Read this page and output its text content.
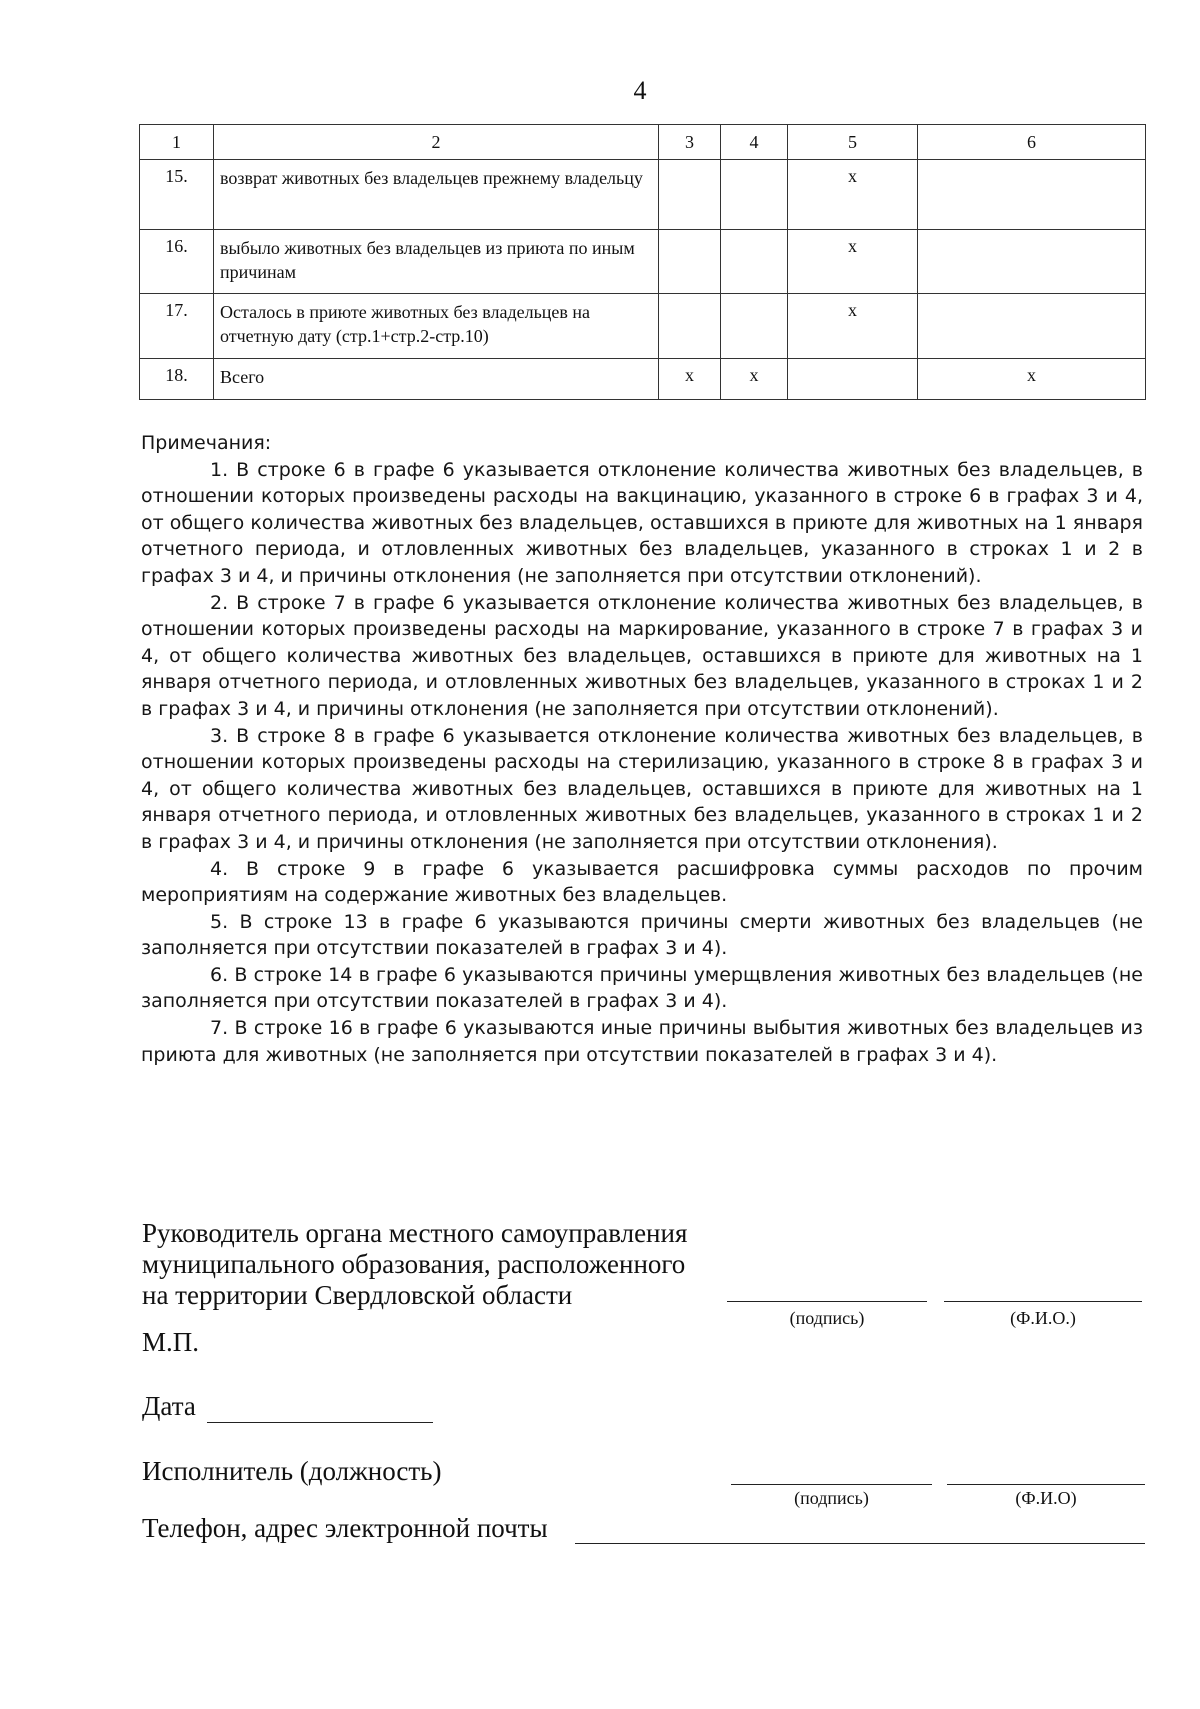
4
1	2	3	4	5	6
15.	возврат животных без владельцев прежнему владельцу			х	
16.	выбыло животных без владельцев из приюта по иным причинам			х	
17.	Осталось в приюте животных без владельцев на отчетную дату (стр.1+стр.2-стр.10)			х	
18.	Всего	х	х		х

Примечания:

1. В строке 6 в графе 6 указывается отклонение количества животных без владельцев, в отношении которых произведены расходы на вакцинацию, указанного в строке 6 в графах 3 и 4, от общего количества животных без владельцев, оставшихся в приюте для животных на 1 января отчетного периода, и отловленных животных без владельцев, указанного в строках 1 и 2 в графах 3 и 4, и причины отклонения (не заполняется при отсутствии отклонений).

2. В строке 7 в графе 6 указывается отклонение количества животных без владельцев, в отношении которых произведены расходы на маркирование, указанного в строке 7 в графах 3 и 4, от общего количества животных без владельцев, оставшихся в приюте для животных на 1 января отчетного периода, и отловленных животных без владельцев, указанного в строках 1 и 2 в графах 3 и 4, и причины отклонения (не заполняется при отсутствии отклонений).

3. В строке 8 в графе 6 указывается отклонение количества животных без владельцев, в отношении которых произведены расходы на стерилизацию, указанного в строке 8 в графах 3 и 4, от общего количества животных без владельцев, оставшихся в приюте для животных на 1 января отчетного периода, и отловленных животных без владельцев, указанного в строках 1 и 2 в графах 3 и 4, и причины отклонения (не заполняется при отсутствии отклонения).

4. В строке 9 в графе 6 указывается расшифровка суммы расходов по прочим мероприятиям на содержание животных без владельцев.

5. В строке 13 в графе 6 указываются причины смерти животных без владельцев (не заполняется при отсутствии показателей в графах 3 и 4).

6. В строке 14 в графе 6 указываются причины умерщвления животных без владельцев (не заполняется при отсутствии показателей в графах 3 и 4).

7. В строке 16 в графе 6 указываются иные причины выбытия животных без владельцев из приюта для животных (не заполняется при отсутствии показателей в графах 3 и 4).

Руководитель органа местного самоуправления
муниципального образования, расположенного
на территории Свердловской области
(подпись)	(Ф.И.О.)
М.П.
Дата
Исполнитель (должность)
(подпись)	(Ф.И.О)
Телефон, адрес электронной почты
